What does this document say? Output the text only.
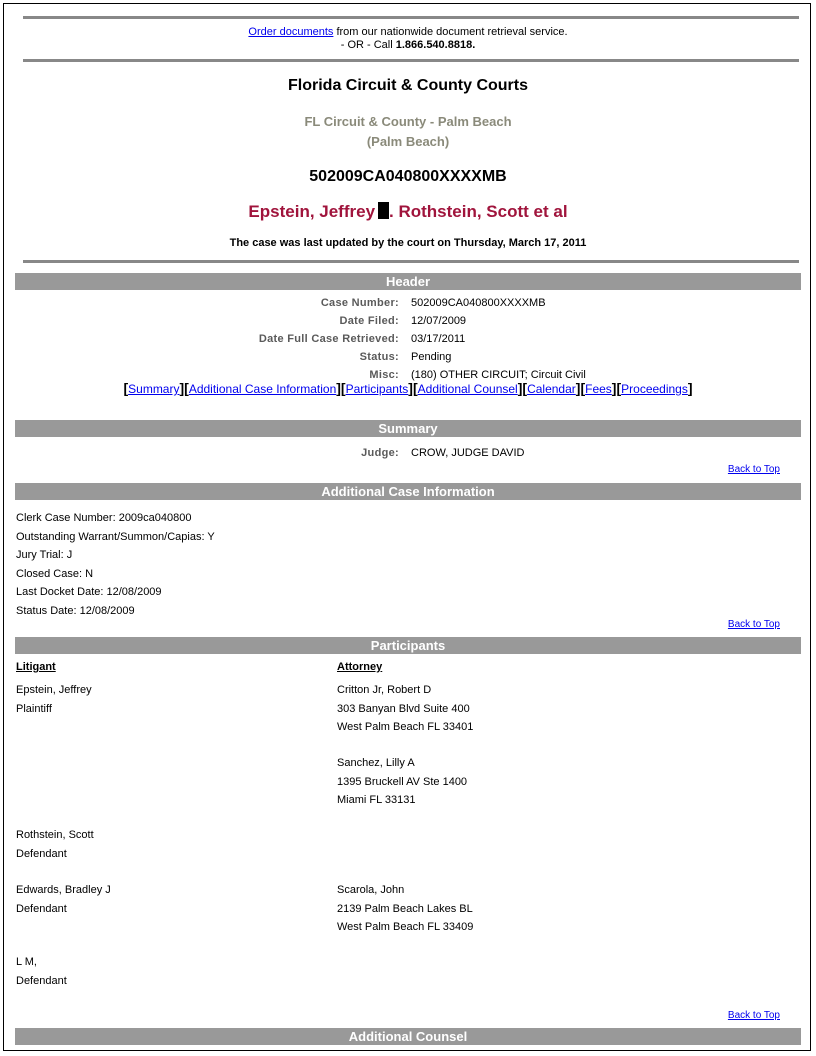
Order documents from our nationwide document retrieval service.
- OR - Call 1.866.540.8818.
Florida Circuit & County Courts
FL Circuit & County - Palm Beach
(Palm Beach)
502009CA040800XXXXMB
Epstein, Jeffrey . Rothstein, Scott et al
The case was last updated by the court on Thursday, March 17, 2011
Header
Case Number: 502009CA040800XXXXMB
Date Filed: 12/07/2009
Date Full Case Retrieved: 03/17/2011
Status: Pending
Misc: (180) OTHER CIRCUIT; Circuit Civil
[Summary][Additional Case Information][Participants][Additional Counsel][Calendar][Fees][Proceedings]
Summary
Judge: CROW, JUDGE DAVID
Back to Top
Additional Case Information
Clerk Case Number: 2009ca040800
Outstanding Warrant/Summon/Capias: Y
Jury Trial: J
Closed Case: N
Last Docket Date: 12/08/2009
Status Date: 12/08/2009
Back to Top
Participants
Litigant	Attorney
Epstein, Jeffrey
Plaintiff
Critton Jr, Robert D
303 Banyan Blvd Suite 400
West Palm Beach FL 33401
Sanchez, Lilly A
1395 Bruckell AV Ste 1400
Miami FL 33131
Rothstein, Scott
Defendant
Edwards, Bradley J
Defendant
Scarola, John
2139 Palm Beach Lakes BL
West Palm Beach FL 33409
L M,
Defendant
Back to Top
Additional Counsel
